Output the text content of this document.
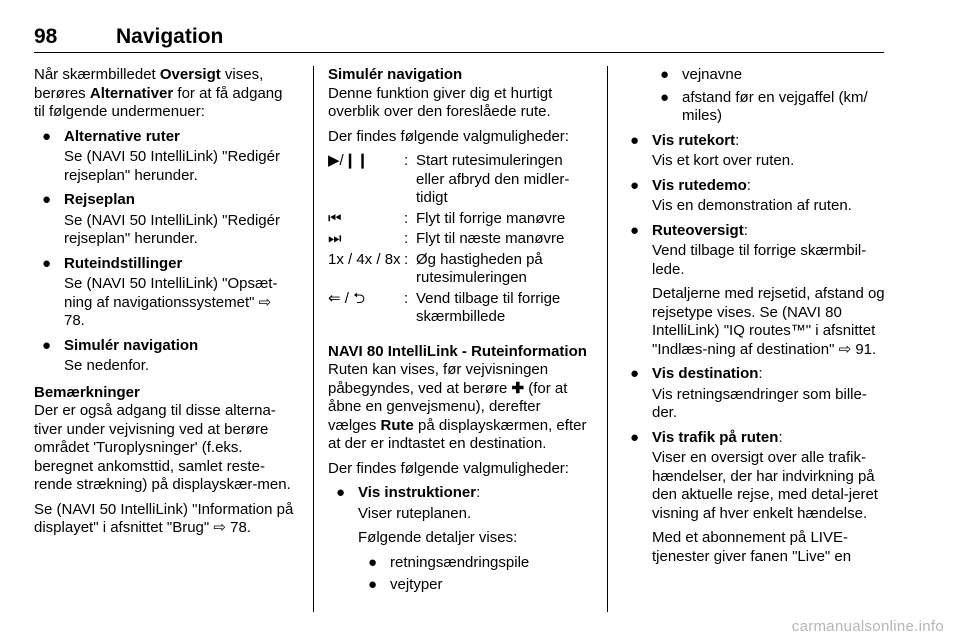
98	Navigation

Når skærmbilledet Oversigt vises, berøres Alternativer for at få adgang til følgende undermenuer:

● Alternative ruter

Se (NAVI 50 IntelliLink) "Redigér rejseplan" herunder.

● Rejseplan

Se (NAVI 50 IntelliLink) "Redigér rejseplan" herunder.

● Ruteindstillinger

Se (NAVI 50 IntelliLink) "Opsæt-ning af navigationssystemet" ⇨ 78.

● Simulér navigation

Se nedenfor.

Bemærkninger

Der er også adgang til disse alterna-tiver under vejvisning ved at berøre området 'Turoplysninger' (f.eks. beregnet ankomsttid, samlet reste-rende strækning) på displayskær-men.

Se (NAVI 50 IntelliLink) "Information på displayet" i afsnittet "Brug" ⇨ 78.

Simulér navigation

Denne funktion giver dig et hurtigt overblik over den foreslåede rute.

Der findes følgende valgmuligheder:

▶/❙❙	: Start rutesimuleringen eller afbryd den midler-tidigt
⏮	: Flyt til forrige manøvre
⏭	: Flyt til næste manøvre
1x / 4x / 8x : Øg hastigheden på rutesimuleringen
⇐ / ⮌	: Vend tilbage til forrige skærmbillede

NAVI 80 IntelliLink - Ruteinformation

Ruten kan vises, før vejvisningen påbegyndes, ved at berøre ✚ (for at åbne en genvejsmenu), derefter vælges Rute på displayskærmen, efter at der er indtastet en destination.

Der findes følgende valgmuligheder:

● Vis instruktioner:

Viser ruteplanen.

Følgende detaljer vises:

● retningsændringspile
● vejtyper
● vejnavne
● afstand før en vejgaffel (km/ miles)
● Vis rutekort:

Vis et kort over ruten.

● Vis rutedemo:

Vis en demonstration af ruten.

● Ruteoversigt:

Vend tilbage til forrige skærmbil-lede.

Detaljerne med rejsetid, afstand og rejsetype vises. Se (NAVI 80 IntelliLink) "IQ routes™" i afsnittet "Indlæs-ning af destination" ⇨ 91.

● Vis destination:

Vis retningsændringer som bille-der.

● Vis trafik på ruten:

Viser en oversigt over alle trafik-hændelser, der har indvirkning på den aktuelle rejse, med detal-jeret visning af hver enkelt hændelse.

Med et abonnement på LIVE-tjenester giver fanen "Live" en

carmanualsonline.info
